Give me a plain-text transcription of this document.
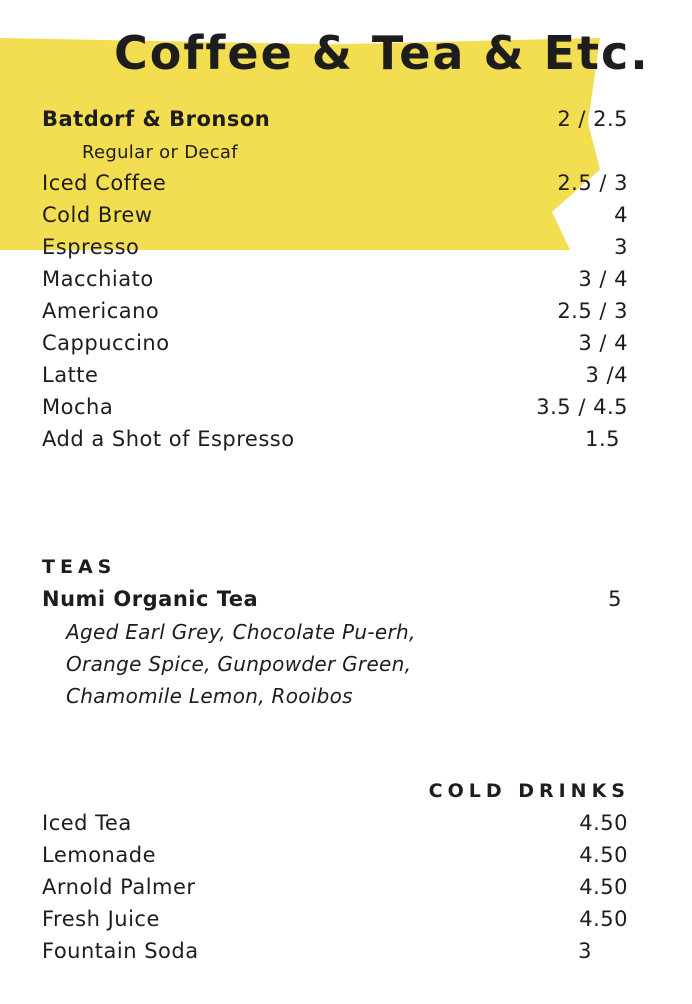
Coffee & Tea & Etc.
Batdorf & Bronson	2 / 2.5
Regular or Decaf
Iced Coffee	2.5 / 3
Cold Brew	4
Espresso	3
Macchiato	3 / 4
Americano	2.5 / 3
Cappuccino	3 / 4
Latte	3 /4
Mocha	3.5 / 4.5
Add a Shot of Espresso	1.5
TEAS
Numi Organic Tea	5
Aged Earl Grey, Chocolate Pu-erh,
Orange Spice, Gunpowder Green,
Chamomile Lemon, Rooibos
COLD DRINKS
Iced Tea	4.50
Lemonade	4.50
Arnold Palmer	4.50
Fresh Juice	4.50
Fountain Soda	3
